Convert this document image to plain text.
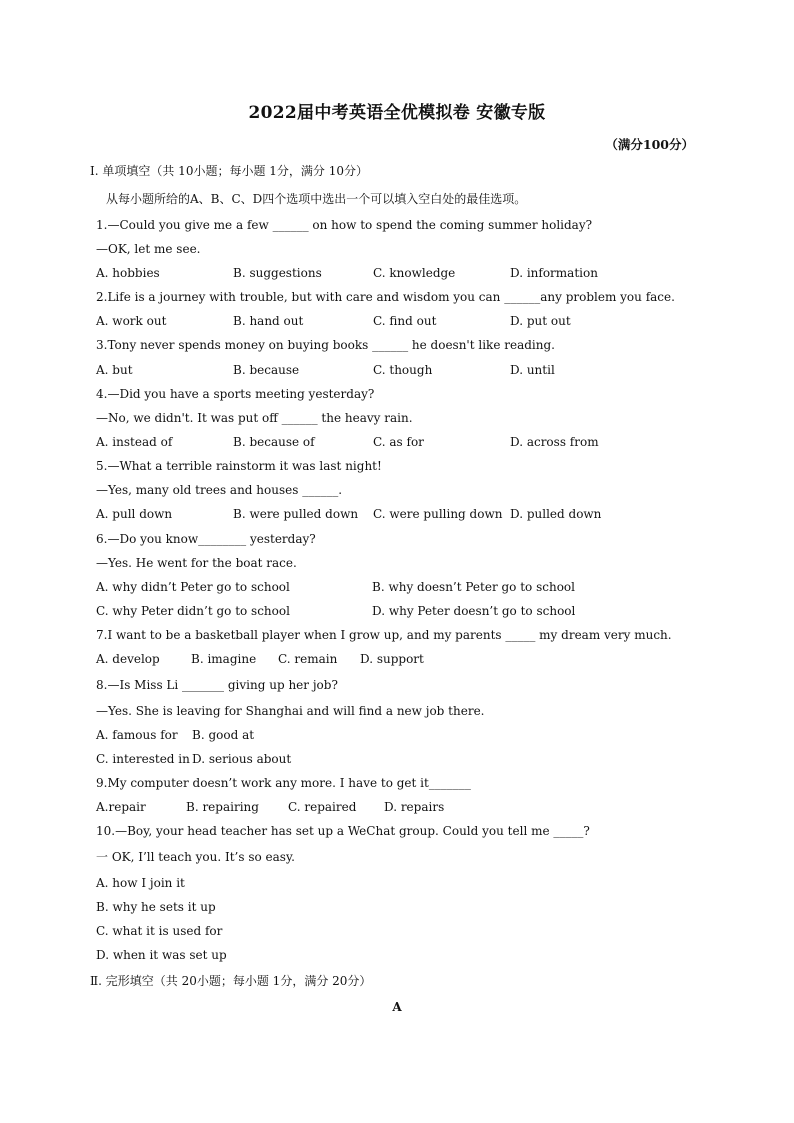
2022届中考英语全优模拟卷 安徽专版
（满分100分）
Ⅰ. 单项填空（共 10小题；每小题 1分，满分 10分）
从每小题所给的A、B、C、D四个选项中选出一个可以填入空白处的最佳选项。
1.—Could you give me a few ______ on how to spend the coming summer holiday?
—OK, let me see.
A. hobbies	B. suggestions	C. knowledge	D. information
2.Life is a journey with trouble, but with care and wisdom you can ______any problem you face.
A. work out	B. hand out	C. find out	D. put out
3.Tony never spends money on buying books ______ he doesn't like reading.
A. but	B. because	C. though	D. until
4.—Did you have a sports meeting yesterday?
—No, we didn't. It was put off ______ the heavy rain.
A. instead of	B. because of	C. as for	D. across from
5.—What a terrible rainstorm it was last night!
—Yes, many old trees and houses ______.
A. pull down	B. were pulled down C. were pulling down D. pulled down
6.—Do you know________ yesterday?
—Yes. He went for the boat race.
A. why didn’t Peter go to school	B. why doesn’t Peter go to school
C. why Peter didn’t go to school	D. why Peter doesn’t go to school
7.I want to be a basketball player when I grow up, and my parents _____ my dream very much.
A. develop	B. imagine C. remain D. support
8.—Is Miss Li _______ giving up her job?
—Yes. She is leaving for Shanghai and will find a new job there.
A. famous for B. good at
C. interested in D. serious about
9.My computer doesn’t work any more. I have to get it_______
A.repair	B. repairing C. repaired D. repairs
10.—Boy, your head teacher has set up a WeChat group. Could you tell me _____?
一 OK, I’ll teach you. It’s so easy.
A. how I join it
B. why he sets it up
C. what it is used for
D. when it was set up
Ⅱ. 完形填空（共 20小题；每小题 1分，满分 20分）
A
